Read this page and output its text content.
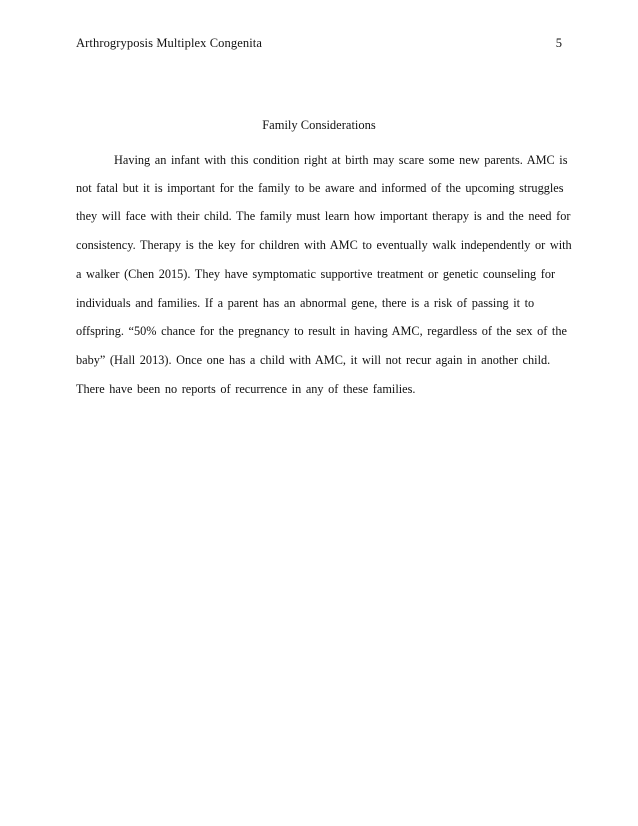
Arthrogryposis Multiplex Congenita	5
Family Considerations
Having an infant with this condition right at birth may scare some new parents. AMC is
not fatal but it is important for the family to be aware and informed of the upcoming struggles
they will face with their child. The family must learn how important therapy is and the need for
consistency. Therapy is the key for children with AMC to eventually walk independently or with
a walker (Chen 2015). They have symptomatic supportive treatment or genetic counseling for
individuals and families. If a parent has an abnormal gene, there is a risk of passing it to
offspring. “50% chance for the pregnancy to result in having AMC, regardless of the sex of the
baby” (Hall 2013). Once one has a child with AMC, it will not recur again in another child.
There have been no reports of recurrence in any of these families.
